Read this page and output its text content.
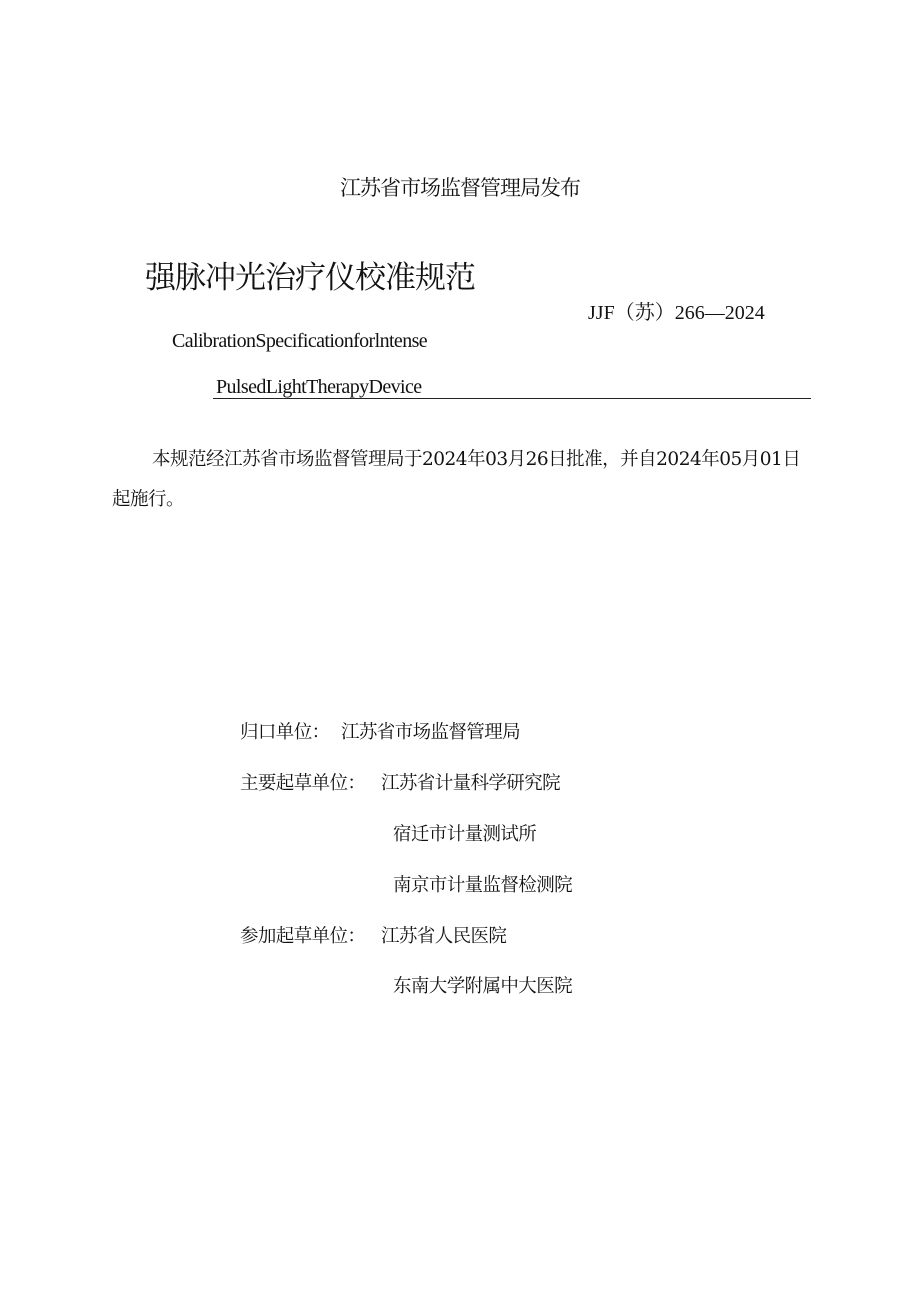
江苏省市场监督管理局发布
强脉冲光治疗仪校准规范
JJF（苏）266—2024
CalibrationSpecificationforlntense
PulsedLightTherapyDevice
本规范经江苏省市场监督管理局于2024年03月26日批准，并自2024年05月01日起施行。
归口单位： 江苏省市场监督管理局
主要起草单位： 江苏省计量科学研究院
宿迁市计量测试所
南京市计量监督检测院
参加起草单位： 江苏省人民医院
东南大学附属中大医院
